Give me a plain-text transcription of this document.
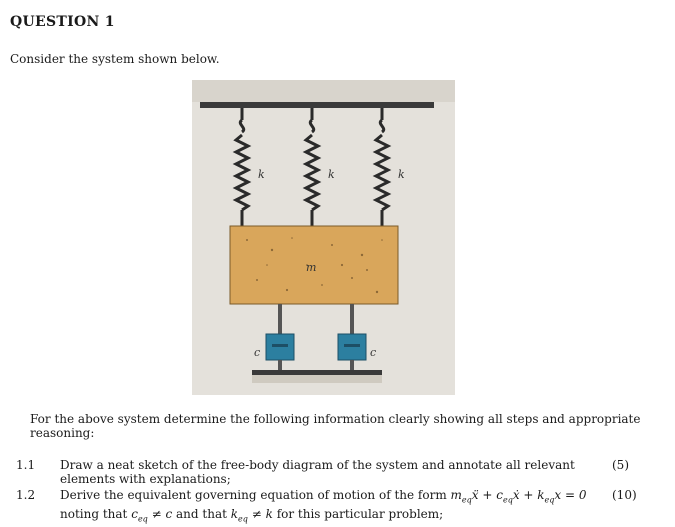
QUESTION 1
Consider the system shown below.
k	k	k
m
c	c
For the above system determine the following information clearly showing all steps and appropriate reasoning:
1.1 Draw a neat sketch of the free-body diagram of the system and annotate all relevant elements with explanations;
(5)
1.2 Derive the equivalent governing equation of motion of the form $m_{eq}ẍ$ + $c_{eq}ẋ + k_{eq}x = 0$ noting that $c_{eq} \ne c$ and that $k_{eq} \ne k$ for this particular problem;
(10)
